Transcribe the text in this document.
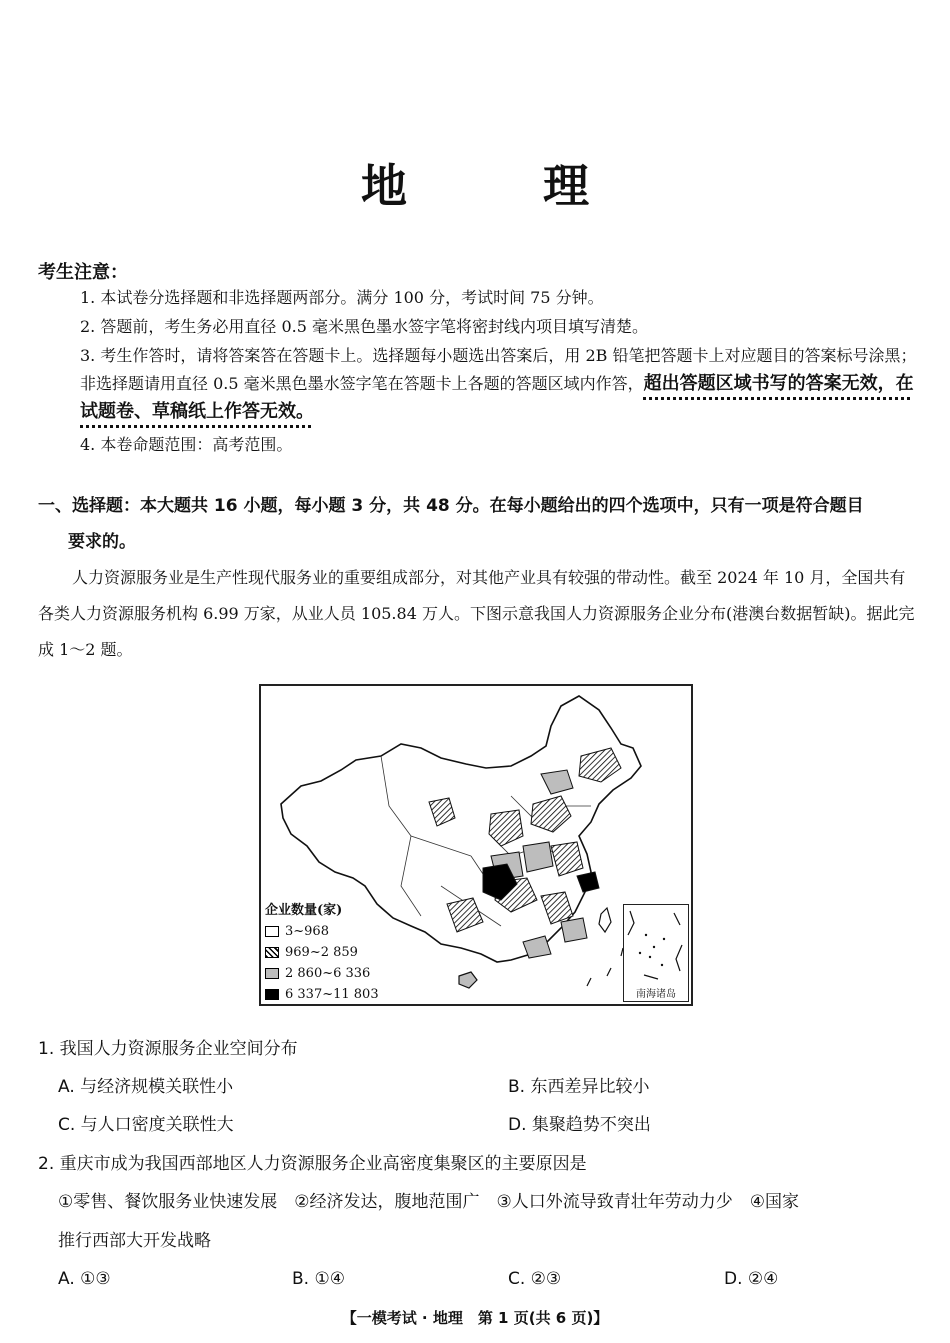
地 理
考生注意：
1. 本试卷分选择题和非选择题两部分。满分 100 分，考试时间 75 分钟。
2. 答题前，考生务必用直径 0.5 毫米黑色墨水签字笔将密封线内项目填写清楚。
3. 考生作答时，请将答案答在答题卡上。选择题每小题选出答案后，用 2B 铅笔把答题卡上对应题目的答案标号涂黑；非选择题请用直径 0.5 毫米黑色墨水签字笔在答题卡上各题的答题区域内作答，超出答题区域书写的答案无效，在试题卷、草稿纸上作答无效。
4. 本卷命题范围：高考范围。
一、选择题：本大题共 16 小题，每小题 3 分，共 48 分。在每小题给出的四个选项中，只有一项是符合题目
要求的。
人力资源服务业是生产性现代服务业的重要组成部分，对其他产业具有较强的带动性。截至 2024 年 10 月，全国共有各类人力资源服务机构 6.99 万家，从业人员 105.84 万人。下图示意我国人力资源服务企业分布(港澳台数据暂缺)。据此完成 1～2 题。
企业数量(家)
3~968
969~2 859
2 860~6 336
6 337~11 803	南海诸岛
1. 我国人力资源服务企业空间分布
A. 与经济规模关联性小	B. 东西差异比较小
C. 与人口密度关联性大	D. 集聚趋势不突出
2. 重庆市成为我国西部地区人力资源服务企业高密度集聚区的主要原因是
①零售、餐饮服务业快速发展　②经济发达，腹地范围广　③人口外流导致青壮年劳动力少　④国家
推行西部大开发战略
A. ①③	B. ①④	C. ②③	D. ②④
【一模考试 · 地理　第 1 页(共 6 页)】
